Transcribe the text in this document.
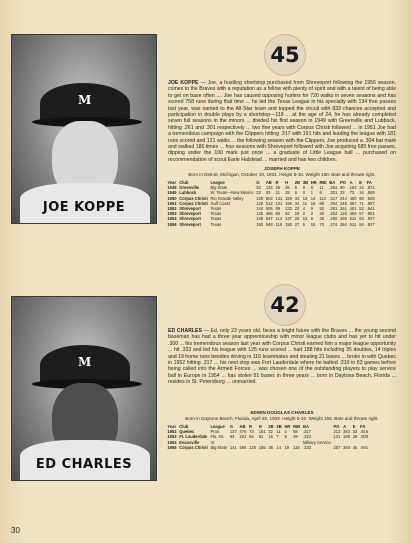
M
JOE KOPPE
45
JOE KOPPE — Joe, a hustling shortstop purchased from Shreveport following the 1956 season, comes to the Braves with a reputation as a fellow with plenty of spirit and with a talent of being able to get on base often .... Joe has caused opposing hurlers for 720 walks in seven seasons and has scored 758 runs during that time ... he led the Texas League in his specialty with 134 free passes last year, was named to the All-Star team and topped the circuit with 833 chances accepted and participation in double plays by a shortstop—118 ... at the age of 24, he has already completed seven full seasons in the minors ... divided his first season in 1949 with Greenville and Lubbock, hitting .261 and .301 respectively ... two fine years with Corpus Christi followed ... in 1951 Joe had a tremendous campaign with the Clippers hitting .317 with 191 hits and leading the league with 181 runs scored and 121 walks ... the following season with the Clippers, Joe produced a .304 bat mark and walked 186 times ... four seasons with Shreveport followed with Joe acquiring 685 free passes, dipping under the 100 mark just once ... a graduate of Little League ball ... purchased on recommendation of scout Earle Halstead ... married and has two children.
JOSEPH KOPPE
Born in Detroit, Michigan, October 19, 1931. Height 5-10. Weight 160. Bats and throws right.
Year	Club	League	G	AB	R	H	2B	3B	HR	RBI	BA	PO	A	E	FA
1949	Greenville	Big State	33	134	26	35	5	0	0	11	.261	60	103	24	.872
1949	Lubbock	W. Texas—New Mexico	23	93	21	28	6	0	1	9	.301	33	73	16	.869
1950	Corpus Christi	Rio Grande Valley	129	502	131	159	34	13	14	113	.317	244	400	50	.928
1951	Corpus Christi	Gulf Coast	129	512	131	156	34	11	16	69	.304	248	367	71	.897
1952	Shreveport	Texas	144	506	99	132	23	4	9	52	.261	261	461	52	.941
1953	Shreveport	Texas	135	455	80	93	19	2	2	20	.204	120	406	57	.901
1954	Shreveport	Texas	148	547	114	137	20	12	6	35	.250	296	511	63	.927
1956	Shreveport	Texas	150	548	116	150	27	5	15	70	.274	294	511	84	.927
M
ED CHARLES
42
ED CHARLES — Ed, only 23 years old, faces a bright future with the Braves ... the young second baseman has had a three year apprenticeship with minor league clubs and has yet to hit under .300 ... his tremendous season last year with Corpus Christi earned him a major league opportunity ... hit .333 and led his league with 125 runs scored ... had 188 hits including 35 doubles, 14 triples and 19 home runs besides driving in 116 teammates and stealing 21 bases ... broke in with Quebec in 1952 hitting .317 ... his next stop was Fort Lauderdale where he batted .310 in 63 games before being called into the Armed Forces ... was chosen one of the outstanding players to play service ball in Europe in 1954 ... has stolen 51 bases in three years ... born in Daytona Beach, Florida ... resides in St. Petersburg ... unmarried.
EDWIN DOUGLAS CHARLES
Born in Daytona Beach, Florida, April 29, 1933. Height 5-10. Weight 165. Bats and throws right.
Year	Club	League	G	AB	R	H	2B	3B	HR	RBI	BA	PO	A	E	FA
1952	Quebec	Prov.	137	476	73	151	22	11	2	58	.317	213	383	33	.916
1953	Ft. Lauderdale	Fla. Int.	63	261	64	81	15	7	5	48	.310	131	186	29	.900
1954	Evansville	III									Military Service				
1956	Corpus Christi	Big State	141	555	125	185	35	14	19	116	.333	267	393	46	.941
30
